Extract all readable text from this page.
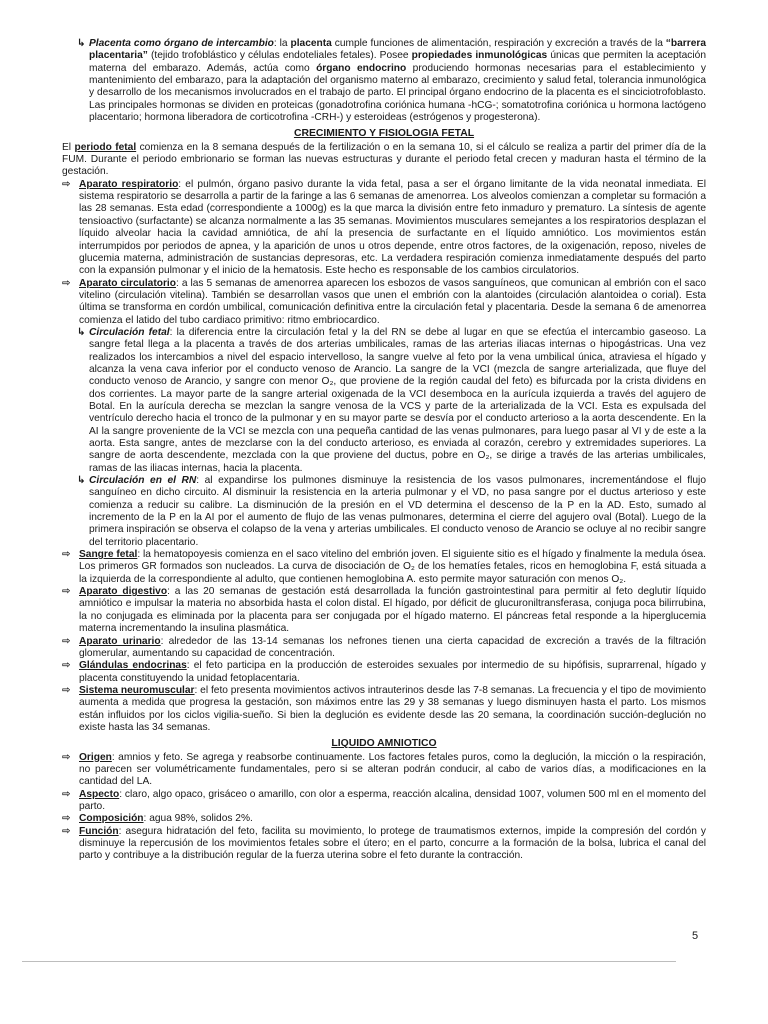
↳ Placenta como órgano de intercambio: la placenta cumple funciones de alimentación, respiración y excreción a través de la “barrera placentaria” (tejido trofoblástico y células endoteliales fetales). Posee propiedades inmunológicas únicas que permiten la aceptación materna del embarazo. Además, actúa como órgano endocrino produciendo hormonas necesarias para el establecimiento y mantenimiento del embarazo, para la adaptación del organismo materno al embarazo, crecimiento y salud fetal, tolerancia inmunológica y desarrollo de los mecanismos involucrados en el trabajo de parto. El principal órgano endocrino de la placenta es el sinciciotrofoblasto. Las principales hormonas se dividen en proteicas (gonadotrofina coriónica humana -hCG-; somatotrofina coriónica u hormona lactógeno placentario; hormona liberadora de corticotrofina -CRH-) y esteroideas (estrógenos y progesterona).

CRECIMIENTO Y FISIOLOGIA FETAL

El periodo fetal comienza en la 8 semana después de la fertilización o en la semana 10, si el cálculo se realiza a partir del primer día de la FUM. Durante el periodo embrionario se forman las nuevas estructuras y durante el periodo fetal crecen y maduran hasta el término de la gestación.

⇨ Aparato respiratorio: el pulmón, órgano pasivo durante la vida fetal, pasa a ser el órgano limitante de la vida neonatal inmediata. El sistema respiratorio se desarrolla a partir de la faringe a las 6 semanas de amenorrea. Los alveolos comienzan a completar su formación a las 28 semanas. Esta edad (correspondiente a 1000g) es la que marca la división entre feto inmaduro y prematuro. La síntesis de agente tensioactivo (surfactante) se alcanza normalmente a las 35 semanas. Movimientos musculares semejantes a los respiratorios desplazan el líquido alveolar hacia la cavidad amniótica, de ahí la presencia de surfactante en el líquido amniótico. Los movimientos están interrumpidos por periodos de apnea, y la aparición de unos u otros depende, entre otros factores, de la oxigenación, reposo, niveles de glucemia materna, administración de sustancias depresoras, etc. La verdadera respiración comienza inmediatamente después del parto con la expansión pulmonar y el inicio de la hematosis. Este hecho es responsable de los cambios circulatorios.

⇨ Aparato circulatorio: a las 5 semanas de amenorrea aparecen los esbozos de vasos sanguíneos, que comunican al embrión con el saco vitelino (circulación vitelina). También se desarrollan vasos que unen el embrión con la alantoides (circulación alantoidea o corial). Esta última se transforma en cordón umbilical, comunicación definitiva entre la circulación fetal y placentaria. Desde la semana 6 de amenorrea comienza el latido del tubo cardiaco primitivo: ritmo embriocardico.

↳ Circulación fetal: la diferencia entre la circulación fetal y la del RN se debe al lugar en que se efectúa el intercambio gaseoso. La sangre fetal llega a la placenta a través de dos arterias umbilicales, ramas de las arterias iliacas internas o hipogástricas. Una vez realizados los intercambios a nivel del espacio intervelloso, la sangre vuelve al feto por la vena umbilical única, atraviesa el hígado y alcanza la vena cava inferior por el conducto venoso de Arancio. La sangre de la VCI (mezcla de sangre arterializada, que fluye del conducto venoso de Arancio, y sangre con menor O₂, que proviene de la región caudal del feto) es bifurcada por la crista dividens en dos corrientes. La mayor parte de la sangre arterial oxigenada de la VCI desemboca en la aurícula izquierda a través del agujero de Botal. En la aurícula derecha se mezclan la sangre venosa de la VCS y parte de la arterializada de la VCI. Esta es expulsada del ventrículo derecho hacia el tronco de la pulmonar y en su mayor parte se desvía por el conducto arterioso a la aorta descendente. En la AI la sangre proveniente de la VCI se mezcla con una pequeña cantidad de las venas pulmonares, para luego pasar al VI y de este a la aorta. Esta sangre, antes de mezclarse con la del conducto arterioso, es enviada al corazón, cerebro y extremidades superiores. La sangre de aorta descendente, mezclada con la que proviene del ductus, pobre en O₂, se dirige a través de las arterias umbilicales, ramas de las iliacas internas, hacia la placenta.

↳ Circulación en el RN: al expandirse los pulmones disminuye la resistencia de los vasos pulmonares, incrementándose el flujo sanguíneo en dicho circuito. Al disminuir la resistencia en la arteria pulmonar y el VD, no pasa sangre por el ductus arterioso y este comienza a reducir su calibre. La disminución de la presión en el VD determina el descenso de la P en la AD. Esto, sumado al incremento de la P en la AI por el aumento de flujo de las venas pulmonares, determina el cierre del agujero oval (Botal). Luego de la primera inspiración se observa el colapso de la vena y arterias umbilicales. El conducto venoso de Arancio se ocluye al no recibir sangre del territorio placentario.

⇨ Sangre fetal: la hematopoyesis comienza en el saco vitelino del embrión joven. El siguiente sitio es el hígado y finalmente la medula ósea. Los primeros GR formados son nucleados. La curva de disociación de O₂ de los hematíes fetales, ricos en hemoglobina F, está situada a la izquierda de la correspondiente al adulto, que contienen hemoglobina A. esto permite mayor saturación con menos O₂.

⇨ Aparato digestivo: a las 20 semanas de gestación está desarrollada la función gastrointestinal para permitir al feto deglutir líquido amniótico e impulsar la materia no absorbida hasta el colon distal. El hígado, por déficit de glucuroniltransferasa, conjuga poca bilirrubina, la no conjugada es eliminada por la placenta para ser conjugada por el hígado materno. El páncreas fetal responde a la hiperglucemia materna incrementando la insulina plasmática.

⇨ Aparato urinario: alrededor de las 13-14 semanas los nefrones tienen una cierta capacidad de excreción a través de la filtración glomerular, aumentando su capacidad de concentración.

⇨ Glándulas endocrinas: el feto participa en la producción de esteroides sexuales por intermedio de su hipófisis, suprarrenal, hígado y placenta constituyendo la unidad fetoplacentaria.

⇨ Sistema neuromuscular: el feto presenta movimientos activos intrauterinos desde las 7-8 semanas. La frecuencia y el tipo de movimiento aumenta a medida que progresa la gestación, son máximos entre las 29 y 38 semanas y luego disminuyen hasta el parto. Los mismos están influidos por los ciclos vigilia-sueño. Si bien la deglución es evidente desde las 20 semana, la coordinación succión-deglución no existe hasta las 34 semanas.

LIQUIDO AMNIOTICO

⇨ Origen: amnios y feto. Se agrega y reabsorbe continuamente. Los factores fetales puros, como la deglución, la micción o la respiración, no parecen ser volumétricamente fundamentales, pero si se alteran podrán conducir, al cabo de varios días, a modificaciones en la cantidad del LA.

⇨ Aspecto: claro, algo opaco, grisáceo o amarillo, con olor a esperma, reacción alcalina, densidad 1007, volumen 500 ml en el momento del parto.

⇨ Composición: agua 98%, solidos 2%.

⇨ Función: asegura hidratación del feto, facilita su movimiento, lo protege de traumatismos externos, impide la compresión del cordón y disminuye la repercusión de los movimientos fetales sobre el útero; en el parto, concurre a la formación de la bolsa, lubrica el canal del parto y contribuye a la distribución regular de la fuerza uterina sobre el feto durante la contracción.

5
